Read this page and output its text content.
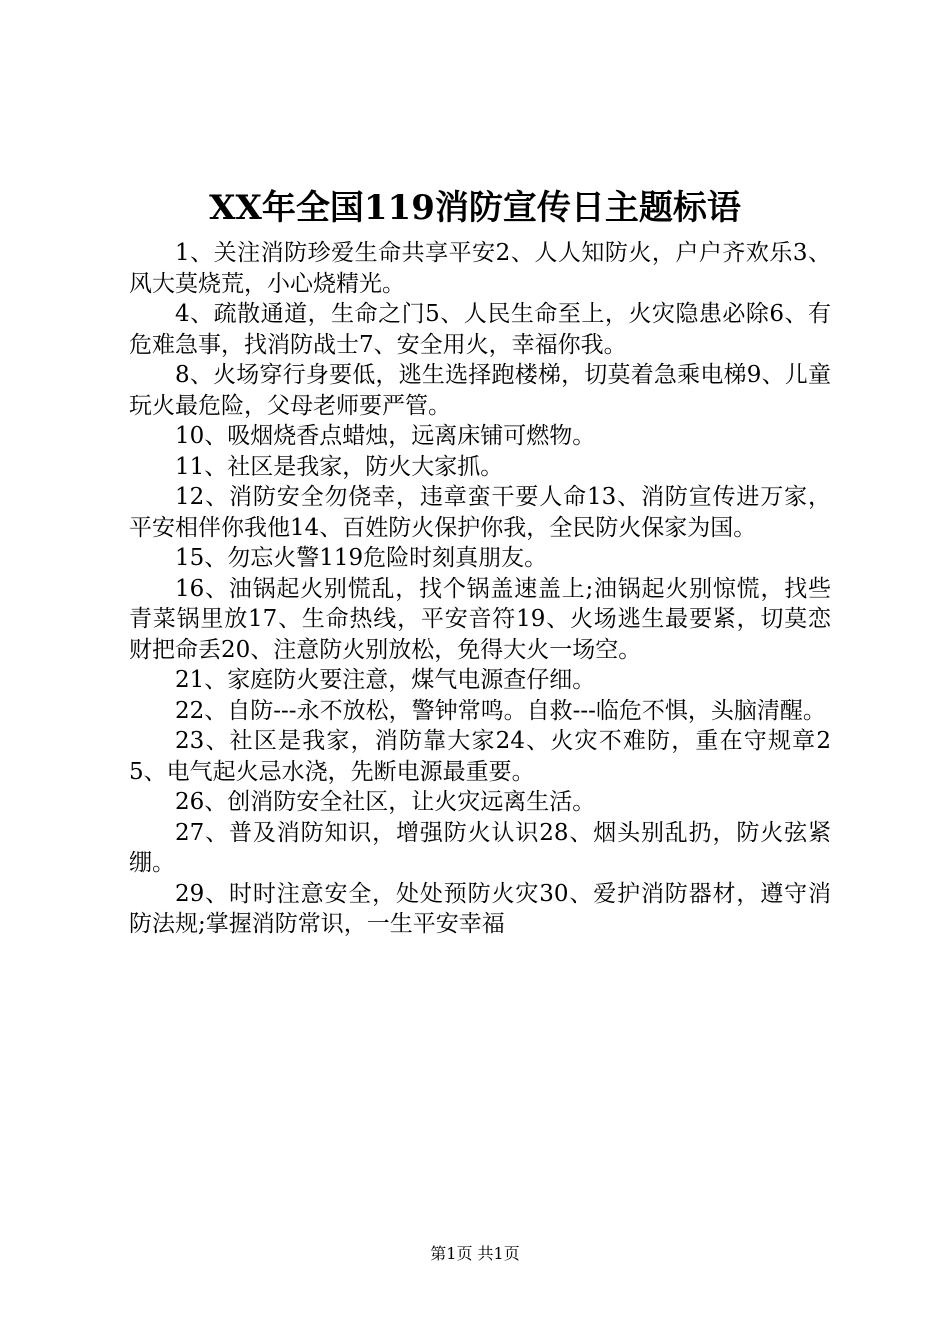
XX年全国119消防宣传日主题标语

1、关注消防珍爱生命共享平安2、人人知防火，户户齐欢乐3、风大莫烧荒，小心烧精光。

4、疏散通道，生命之门5、人民生命至上，火灾隐患必除6、有危难急事，找消防战士7、安全用火，幸福你我。

8、火场穿行身要低，逃生选择跑楼梯，切莫着急乘电梯9、儿童玩火最危险，父母老师要严管。

10、吸烟烧香点蜡烛，远离床铺可燃物。

11、社区是我家，防火大家抓。

12、消防安全勿侥幸，违章蛮干要人命13、消防宣传进万家，平安相伴你我他14、百姓防火保护你我，全民防火保家为国。

15、勿忘火警119危险时刻真朋友。

16、油锅起火别慌乱，找个锅盖速盖上;油锅起火别惊慌，找些青菜锅里放17、生命热线，平安音符19、火场逃生最要紧，切莫恋财把命丢20、注意防火别放松，免得大火一场空。

21、家庭防火要注意，煤气电源查仔细。

22、自防---永不放松，警钟常鸣。自救---临危不惧，头脑清醒。

23、社区是我家，消防靠大家24、火灾不难防，重在守规章25、电气起火忌水浇，先断电源最重要。

26、创消防安全社区，让火灾远离生活。

27、普及消防知识，增强防火认识28、烟头别乱扔，防火弦紧绷。

29、时时注意安全，处处预防火灾30、爱护消防器材，遵守消防法规;掌握消防常识，一生平安幸福

第1页 共1页
